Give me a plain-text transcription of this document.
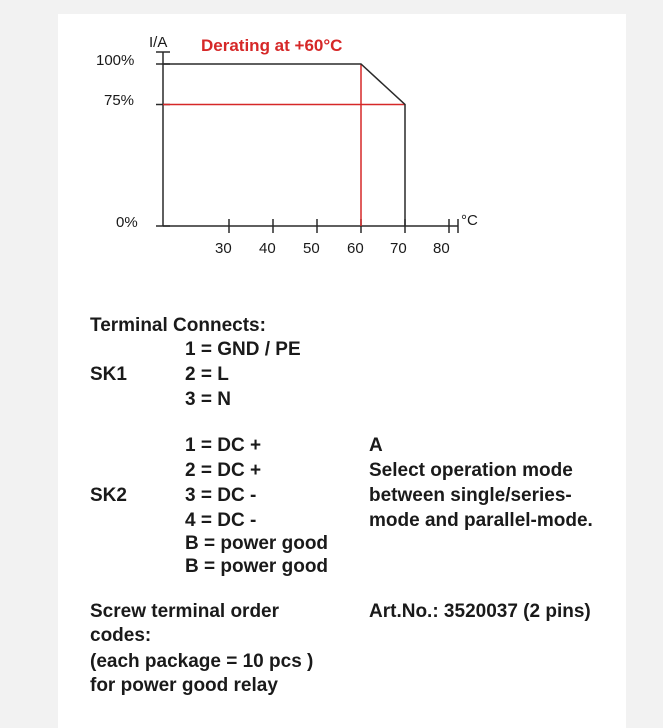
I/A Derating at +60°C
100%
75%
0%
30 40 50 60 70 80
°C
Terminal Connects:
SK1
1 = GND / PE
2 = L
3 = N
SK2
1 = DC +
2 = DC +
3 = DC -
4 = DC -
B = power good
B = power good
A
Select operation mode
between single/series-
mode and parallel-mode.
Screw terminal order
codes:
(each package = 10 pcs )
for power good relay
Art.No.: 3520037 (2 pins)
